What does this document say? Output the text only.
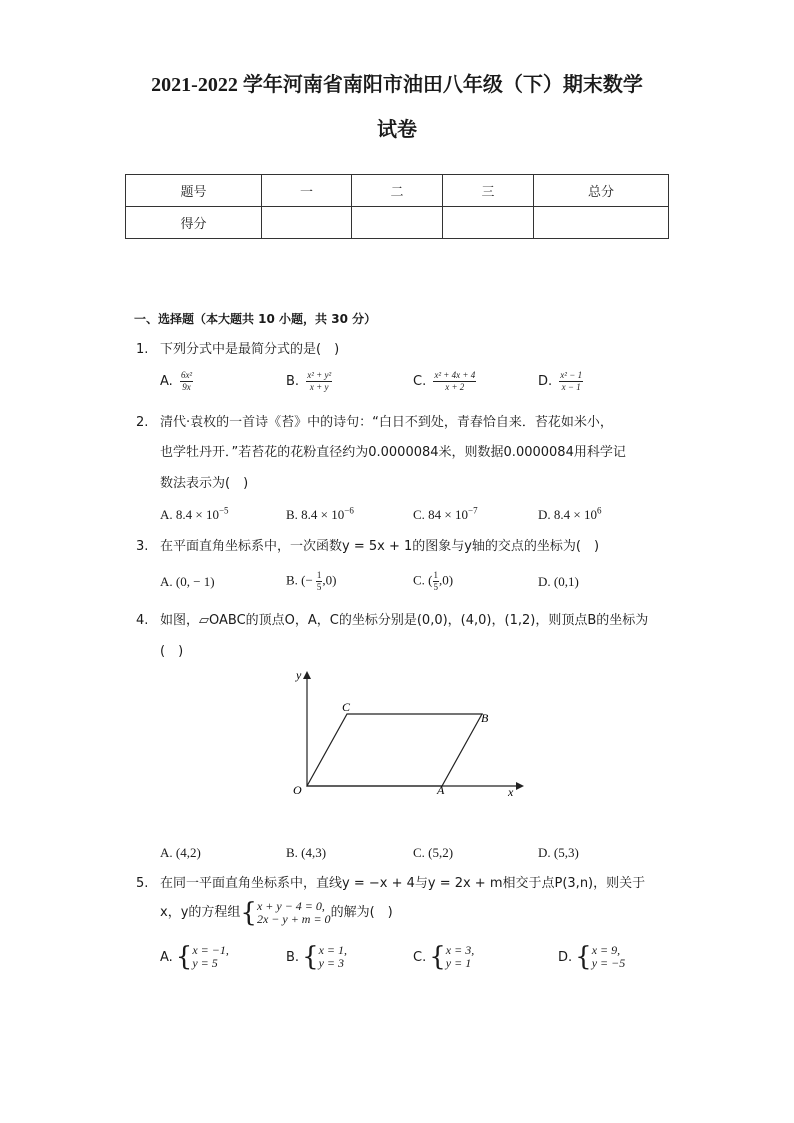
2021-2022 学年河南省南阳市油田八年级（下）期末数学
试卷
题号	一	二	三	总分
得分				
一、选择题（本大题共 10 小题，共 30 分）
1. 下列分式中是最简分式的是(　)
A. $\frac{\text{6x²}}{9x}$	B. $\frac{\text{x² + y²}}{x + y}$	C. $\frac{\text{x² + 4x + 4}}{x + 2}$	D. $\frac{\text{x² − 1}}{x - 1}$
2. 清代·袁枚的一首诗《苔》中的诗句：“白日不到处，青春恰自来．苔花如米小，
也学牡丹开．”若苔花的花粉直径约为0.0000084米，则数据0.0000084用科学记
数法表示为(　)
A. $8.4 \times 10^{-5}$	B. $8.4 \times 10^{-6}$	C. $84 \times 10^{-7}$	D. $8.4 \times 10^6$
3. 在平面直角坐标系中，一次函数y = 5x + 1的图象与y轴的交点的坐标为(　)
A. (0, − 1)	B. (− $\frac{1}{5} ,0$)	C. ( $\frac{1}{5} ,0$)	D. (0,1)
4. 如图，▱OABC的顶点O，A，C的坐标分别是(0,0)，(4,0)，(1,2)，则顶点B的坐标为
(　)
y
x
O	A
B
C
A. (4,2)	B. (4,3)	C. (5,2)	D. (5,3)
5. 在同一平面直角坐标系中，直线y = −x + 4与y = 2x + m相交于点P(3,n)，则关于
x，y的方程组 { x + y − 4 = 0,
2x − y + m = 0 的解为(　)
A. { x = −1,
y = 5	B. { x = 1,
y = 3	C. { x = 3,
y = 1	D. { x = 9,
y = −5
